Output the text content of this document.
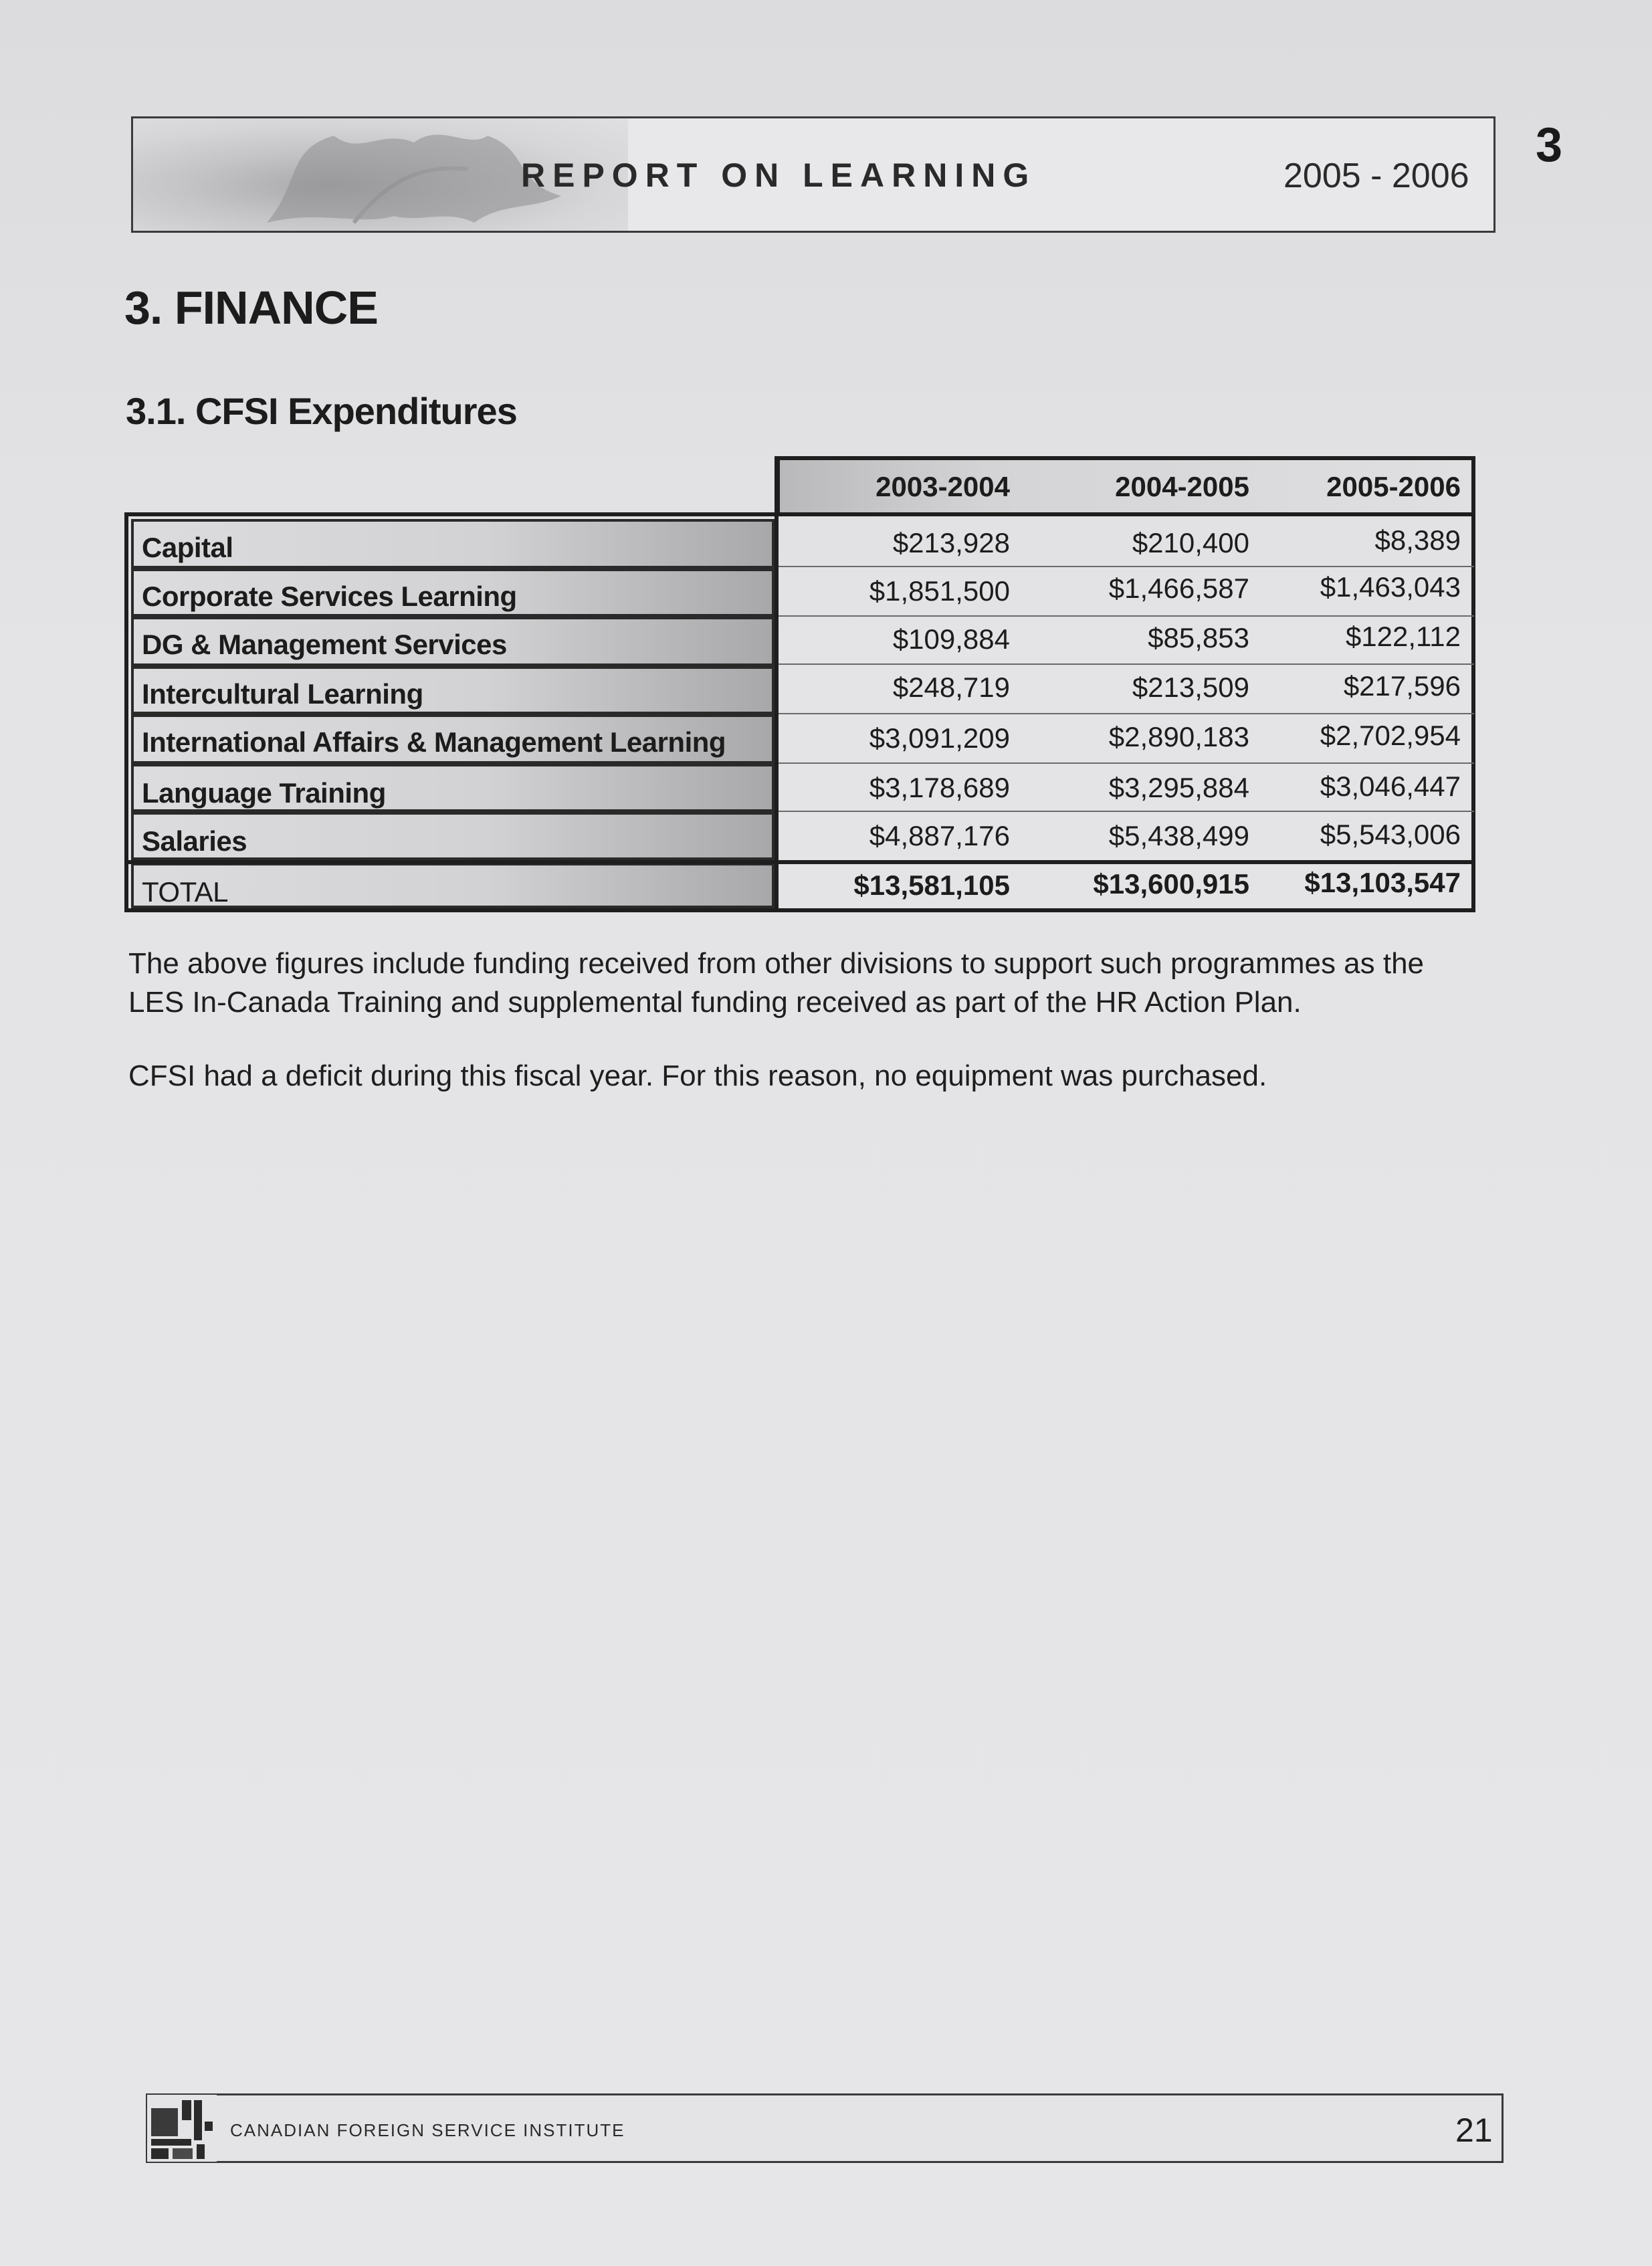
REPORT ON LEARNING	2005 - 2006
3
3. FINANCE
3.1. CFSI Expenditures
2003-2004	2004-2005	2005-2006
Capital	$213,928	$210,400	$8,389
Corporate Services Learning	$1,851,500	$1,466,587	$1,463,043
DG & Management Services	$109,884	$85,853	$122,112
Intercultural Learning	$248,719	$213,509	$217,596
International Affairs & Management Learning	$3,091,209	$2,890,183	$2,702,954
Language Training	$3,178,689	$3,295,884	$3,046,447
Salaries	$4,887,176	$5,438,499	$5,543,006
TOTAL	$13,581,105	$13,600,915	$13,103,547
The above figures include funding received from other divisions to support such programmes as the
LES In-Canada Training and supplemental funding received as part of the HR Action Plan.
CFSI had a deficit during this fiscal year. For this reason, no equipment was purchased.
CANADIAN FOREIGN SERVICE INSTITUTE	21
